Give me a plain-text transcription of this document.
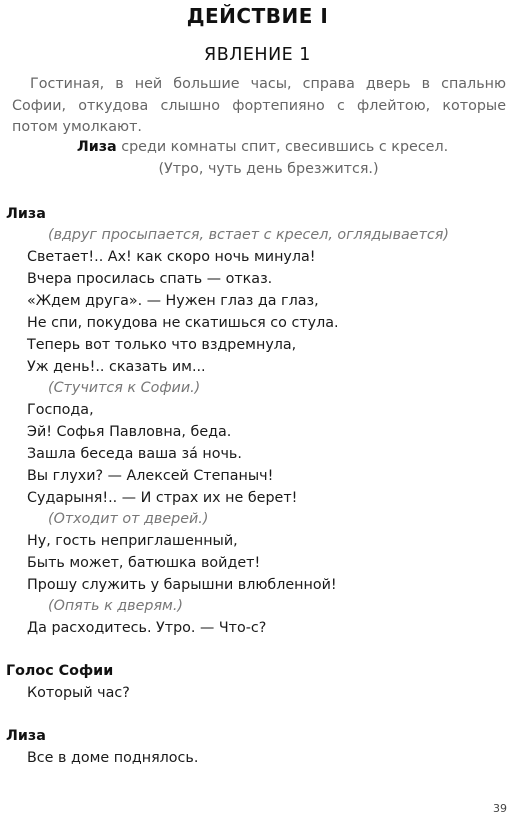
ДЕЙСТВИЕ I
ЯВЛЕНИЕ 1
Гостиная, в ней большие часы, справа дверь в спальню Софии, откудова слышно фортепияно с флейтою, которые потом умолкают.
Лиза среди комнаты спит, свесившись с кресел.
(Утро, чуть день брезжится.)
Лиза
(вдруг просыпается, встает с кресел, оглядывается)
Светает!.. Ах! как скоро ночь минула!
Вчера просилась спать — отказ.
«Ждем друга». — Нужен глаз да глаз,
Не спи, покудова не скатишься со стула.
Теперь вот только что вздремнула,
Уж день!.. сказать им...
(Стучится к Софии.)
Господа,
Эй! Софья Павловна, беда.
Зашла беседа ваша за́ ночь.
Вы глухи? — Алексей Степаныч!
Сударыня!.. — И страх их не берет!
(Отходит от дверей.)
Ну, гость неприглашенный,
Быть может, батюшка войдет!
Прошу служить у барышни влюбленной!
(Опять к дверям.)
Да расходитесь. Утро. — Что-с?
Голос Софии
Который час?
Лиза
Все в доме поднялось.
39
